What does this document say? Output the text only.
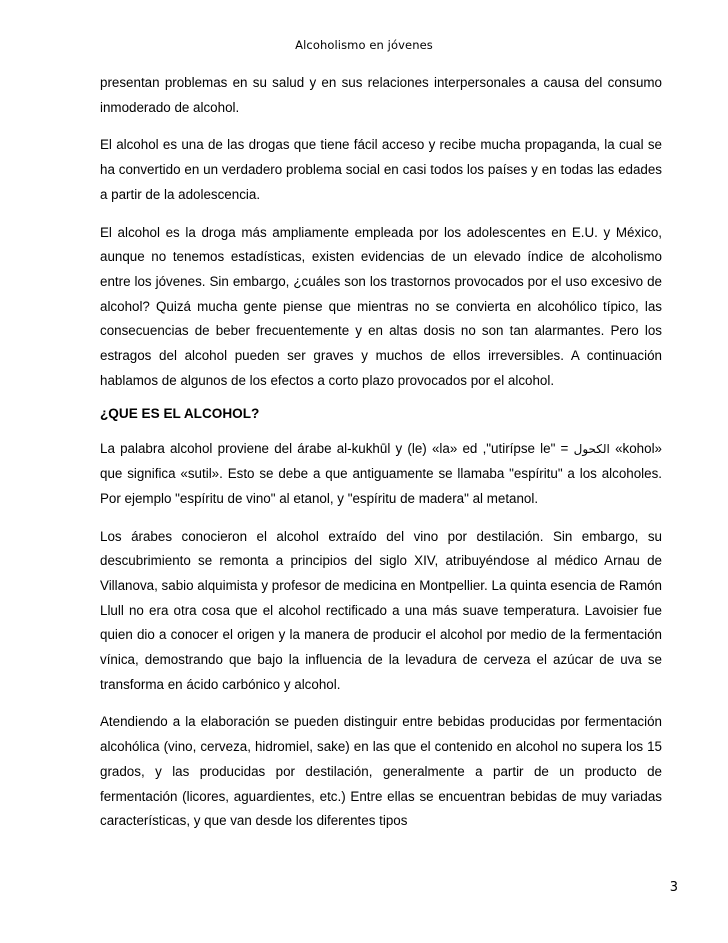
Alcoholismo en jóvenes

presentan problemas en su salud y en sus relaciones interpersonales a causa del consumo inmoderado de alcohol.

El alcohol es una de las drogas que tiene fácil acceso y recibe mucha propaganda, la cual se ha convertido en un verdadero problema social en casi todos los países y en todas las edades a partir de la adolescencia.

El alcohol es la droga más ampliamente empleada por los adolescentes en E.U. y México, aunque no tenemos estadísticas, existen evidencias de un elevado índice de alcoholismo entre los jóvenes. Sin embargo, ¿cuáles son los trastornos provocados por el uso excesivo de alcohol? Quizá mucha gente piense que mientras no se convierta en alcohólico típico, las consecuencias de beber frecuentemente y en altas dosis no son tan alarmantes. Pero los estragos del alcohol pueden ser graves y muchos de ellos irreversibles. A continuación hablamos de algunos de los efectos a corto plazo provocados por el alcohol.

¿QUE ES EL ALCOHOL?

La palabra alcohol proviene del árabe al-kukhūl y (le) «la» ed ,"utirípse le" = الكحول «kohol» que significa «sutil». Esto se debe a que antiguamente se llamaba "espíritu" a los alcoholes. Por ejemplo "espíritu de vino" al etanol, y "espíritu de madera" al metanol.

Los árabes conocieron el alcohol extraído del vino por destilación. Sin embargo, su descubrimiento se remonta a principios del siglo XIV, atribuyéndose al médico Arnau de Villanova, sabio alquimista y profesor de medicina en Montpellier. La quinta esencia de Ramón Llull no era otra cosa que el alcohol rectificado a una más suave temperatura. Lavoisier fue quien dio a conocer el origen y la manera de producir el alcohol por medio de la fermentación vínica, demostrando que bajo la influencia de la levadura de cerveza el azúcar de uva se transforma en ácido carbónico y alcohol.

Atendiendo a la elaboración se pueden distinguir entre bebidas producidas por fermentación alcohólica (vino, cerveza, hidromiel, sake) en las que el contenido en alcohol no supera los 15 grados, y las producidas por destilación, generalmente a partir de un producto de fermentación (licores, aguardientes, etc.) Entre ellas se encuentran bebidas de muy variadas características, y que van desde los diferentes tipos

3
